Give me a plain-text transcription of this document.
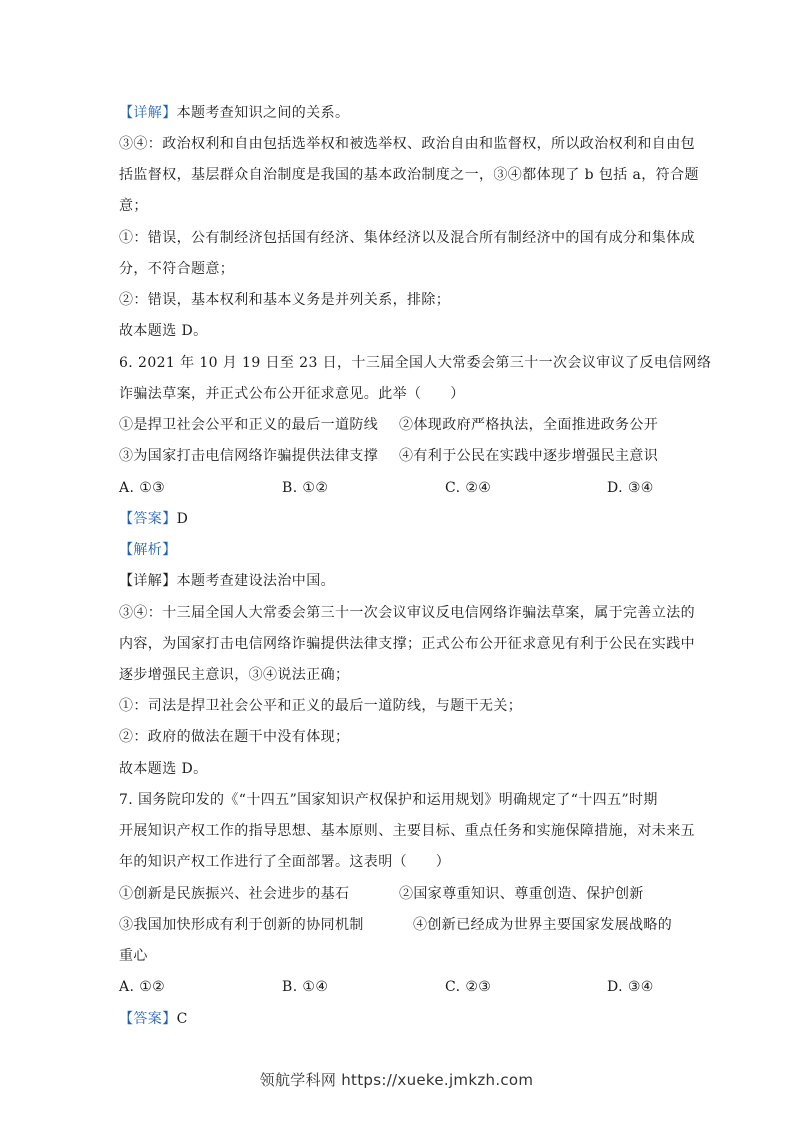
【详解】本题考查知识之间的关系。
③④：政治权利和自由包括选举权和被选举权、政治自由和监督权，所以政治权利和自由包
括监督权，基层群众自治制度是我国的基本政治制度之一，③④都体现了 b 包括 a，符合题
意；
①：错误，公有制经济包括国有经济、集体经济以及混合所有制经济中的国有成分和集体成
分，不符合题意；
②：错误，基本权利和基本义务是并列关系，排除；
故本题选 D。
6. 2021 年 10 月 19 日至 23 日，十三届全国人大常委会第三十一次会议审议了反电信网络
诈骗法草案，并正式公布公开征求意见。此举（　　）
①是捍卫社会公平和正义的最后一道防线 ②体现政府严格执法，全面推进政务公开
③为国家打击电信网络诈骗提供法律支撑 ④有利于公民在实践中逐步增强民主意识
A. ①③	B. ①②	C. ②④	D. ③④
【答案】D
【解析】
【详解】本题考查建设法治中国。
③④：十三届全国人大常委会第三十一次会议审议反电信网络诈骗法草案，属于完善立法的
内容，为国家打击电信网络诈骗提供法律支撑；正式公布公开征求意见有利于公民在实践中
逐步增强民主意识，③④说法正确；
①：司法是捍卫社会公平和正义的最后一道防线，与题干无关；
②：政府的做法在题干中没有体现；
故本题选 D。
7. 国务院印发的《“十四五”国家知识产权保护和运用规划》明确规定了“十四五”时期
开展知识产权工作的指导思想、基本原则、主要目标、重点任务和实施保障措施，对未来五
年的知识产权工作进行了全面部署。这表明（　　）
①创新是民族振兴、社会进步的基石	②国家尊重知识、尊重创造、保护创新
③我国加快形成有利于创新的协同机制	④创新已经成为世界主要国家发展战略的
重心
A. ①②	B. ①④	C. ②③	D. ③④
【答案】C
领航学科网 https://xueke.jmkzh.com
